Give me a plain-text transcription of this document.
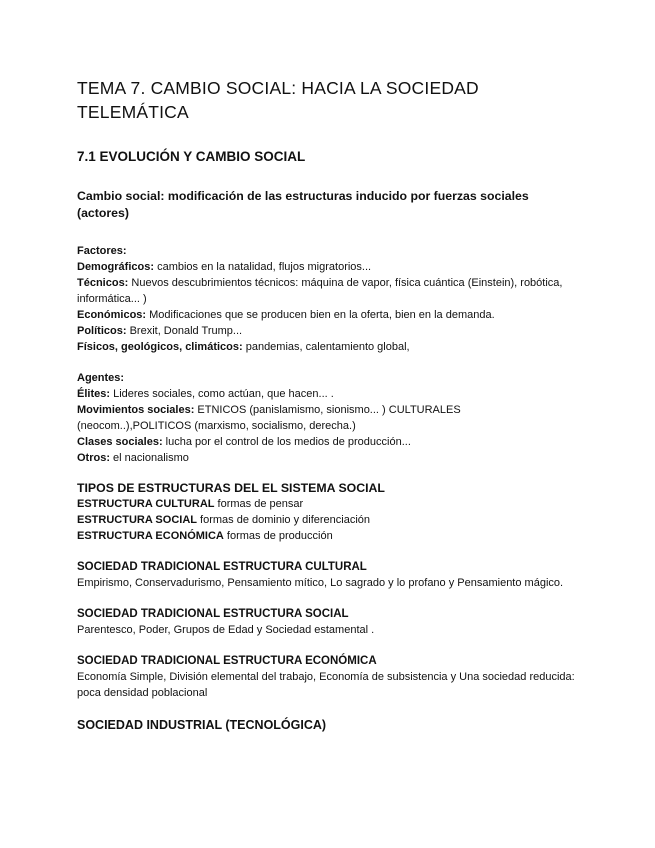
TEMA 7. CAMBIO SOCIAL: HACIA LA SOCIEDAD TELEMÁTICA
7.1 EVOLUCIÓN Y CAMBIO SOCIAL

Cambio social: modificación de las estructuras inducido por fuerzas sociales (actores)

Factores:

Demográficos: cambios en la natalidad, flujos migratorios...

Técnicos: Nuevos descubrimientos técnicos: máquina de vapor, física cuántica (Einstein), robótica, informática... )

Económicos: Modificaciones que se producen bien en la oferta, bien en la demanda.

Políticos: Brexit, Donald Trump...

Físicos, geológicos, climáticos: pandemias, calentamiento global,

Agentes:

Élites: Lideres sociales, como actúan, que hacen... .

Movimientos sociales: ETNICOS (panislamismo, sionismo... ) CULTURALES (neocom..),POLITICOS (marxismo, socialismo, derecha.)

Clases sociales: lucha por el control de los medios de producción...

Otros: el nacionalismo

TIPOS DE ESTRUCTURAS DEL EL SISTEMA SOCIAL

ESTRUCTURA CULTURAL formas de pensar

ESTRUCTURA SOCIAL formas de dominio y diferenciación

ESTRUCTURA ECONÓMICA formas de producción

SOCIEDAD TRADICIONAL ESTRUCTURA CULTURAL

Empirismo, Conservadurismo, Pensamiento mítico, Lo sagrado y lo profano y Pensamiento mágico.

SOCIEDAD TRADICIONAL ESTRUCTURA SOCIAL

Parentesco, Poder, Grupos de Edad y Sociedad estamental .

SOCIEDAD TRADICIONAL ESTRUCTURA ECONÓMICA

Economía Simple, División elemental del trabajo, Economía de subsistencia y Una sociedad reducida: poca densidad poblacional

SOCIEDAD INDUSTRIAL (TECNOLÓGICA)
